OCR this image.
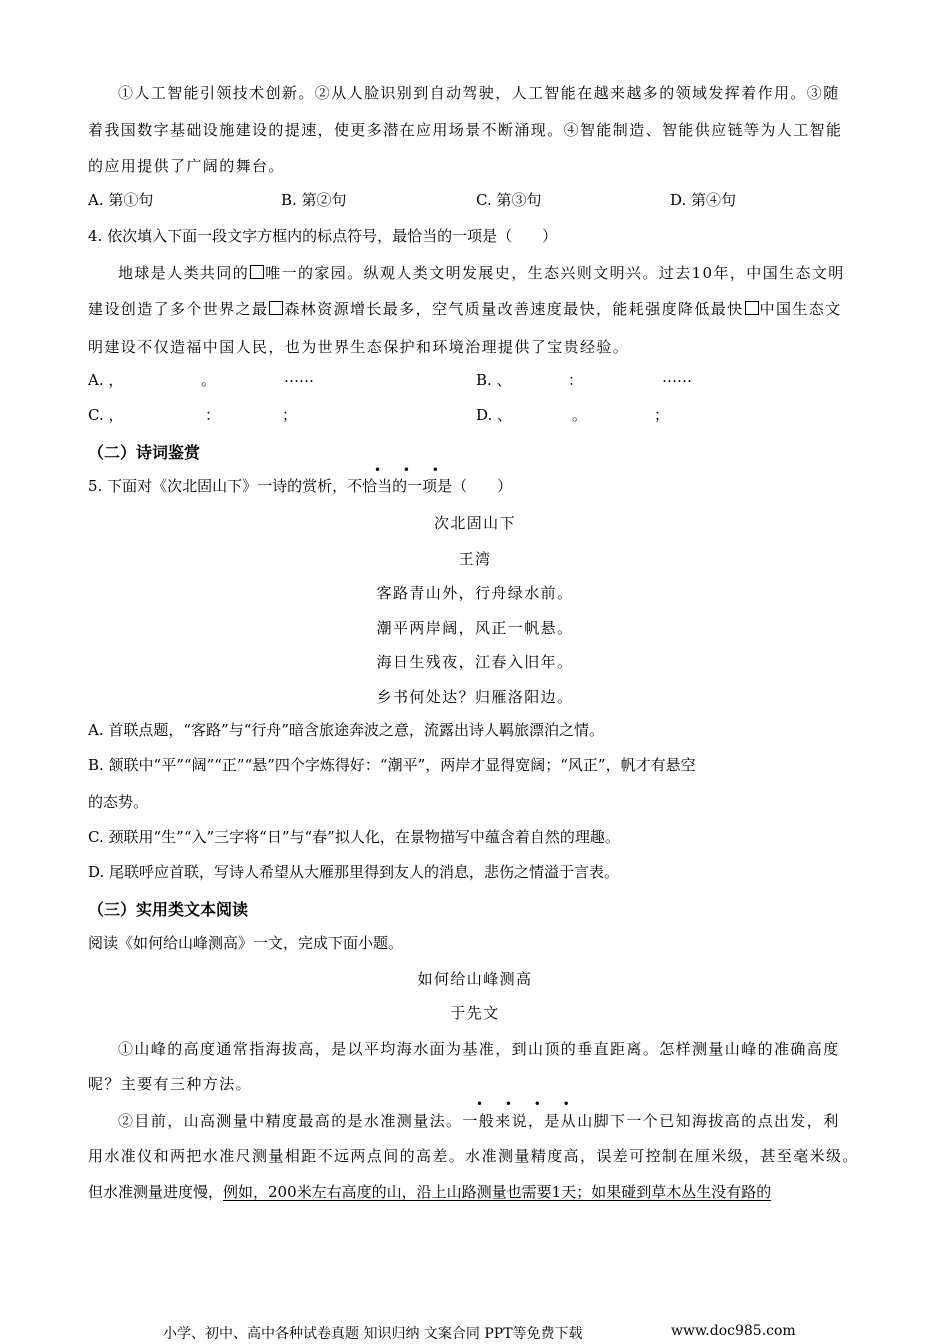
①人工智能引领技术创新。②从人脸识别到自动驾驶，人工智能在越来越多的领域发挥着作用。③随
着我国数字基础设施建设的提速，使更多潜在应用场景不断涌现。④智能制造、智能供应链等为人工智能
的应用提供了广阔的舞台。
A. 第①句	B. 第②句	C. 第③句	D. 第④句
4. 依次填入下面一段文字方框内的标点符号，最恰当的一项是（　　）
地球是人类共同的 唯一的家园。纵观人类文明发展史，生态兴则文明兴。过去10年，中国生态文明
建设创造了多个世界之最 森林资源增长最多，空气质量改善速度最快，能耗强度降低最快 中国生态文
明建设不仅造福中国人民，也为世界生态保护和环境治理提供了宝贵经验。
A. ，	。	……	B. 、	：	……
C. ，	：	；	D. 、	。	；
（二）诗词鉴赏
• • •
5. 下面对《次北固山下》一诗的赏析，不恰当的一项是（　　）
次北固山下
王湾
客路青山外，行舟绿水前。
潮平两岸阔，风正一帆悬。
海日生残夜，江春入旧年。
乡书何处达？归雁洛阳边。
A. 首联点题，“客路”与“行舟”暗含旅途奔波之意，流露出诗人羁旅漂泊之情。
B. 颔联中“平”“阔”“正”“悬”四个字炼得好：“潮平”，两岸才显得宽阔；“风正”，帆才有悬空
的态势。
C. 颈联用“生”“入”三字将“日”与“春”拟人化，在景物描写中蕴含着自然的理趣。
D. 尾联呼应首联，写诗人希望从大雁那里得到友人的消息，悲伤之情溢于言表。
（三）实用类文本阅读
阅读《如何给山峰测高》一文，完成下面小题。
如何给山峰测高
于先文
①山峰的高度通常指海拔高，是以平均海水面为基准，到山顶的垂直距离。怎样测量山峰的准确高度
呢？主要有三种方法。
• • • •
②目前，山高测量中精度最高的是水准测量法。一般来说，是从山脚下一个已知海拔高的点出发，利
用水准仪和两把水准尺测量相距不远两点间的高差。水准测量精度高，误差可控制在厘米级，甚至毫米级。
但水准测量进度慢，例如，200米左右高度的山，沿上山路测量也需要1天；如果碰到草木丛生没有路的
小学、初中、高中各种试卷真题 知识归纳 文案合同 PPT等免费下载	www.doc985.com
